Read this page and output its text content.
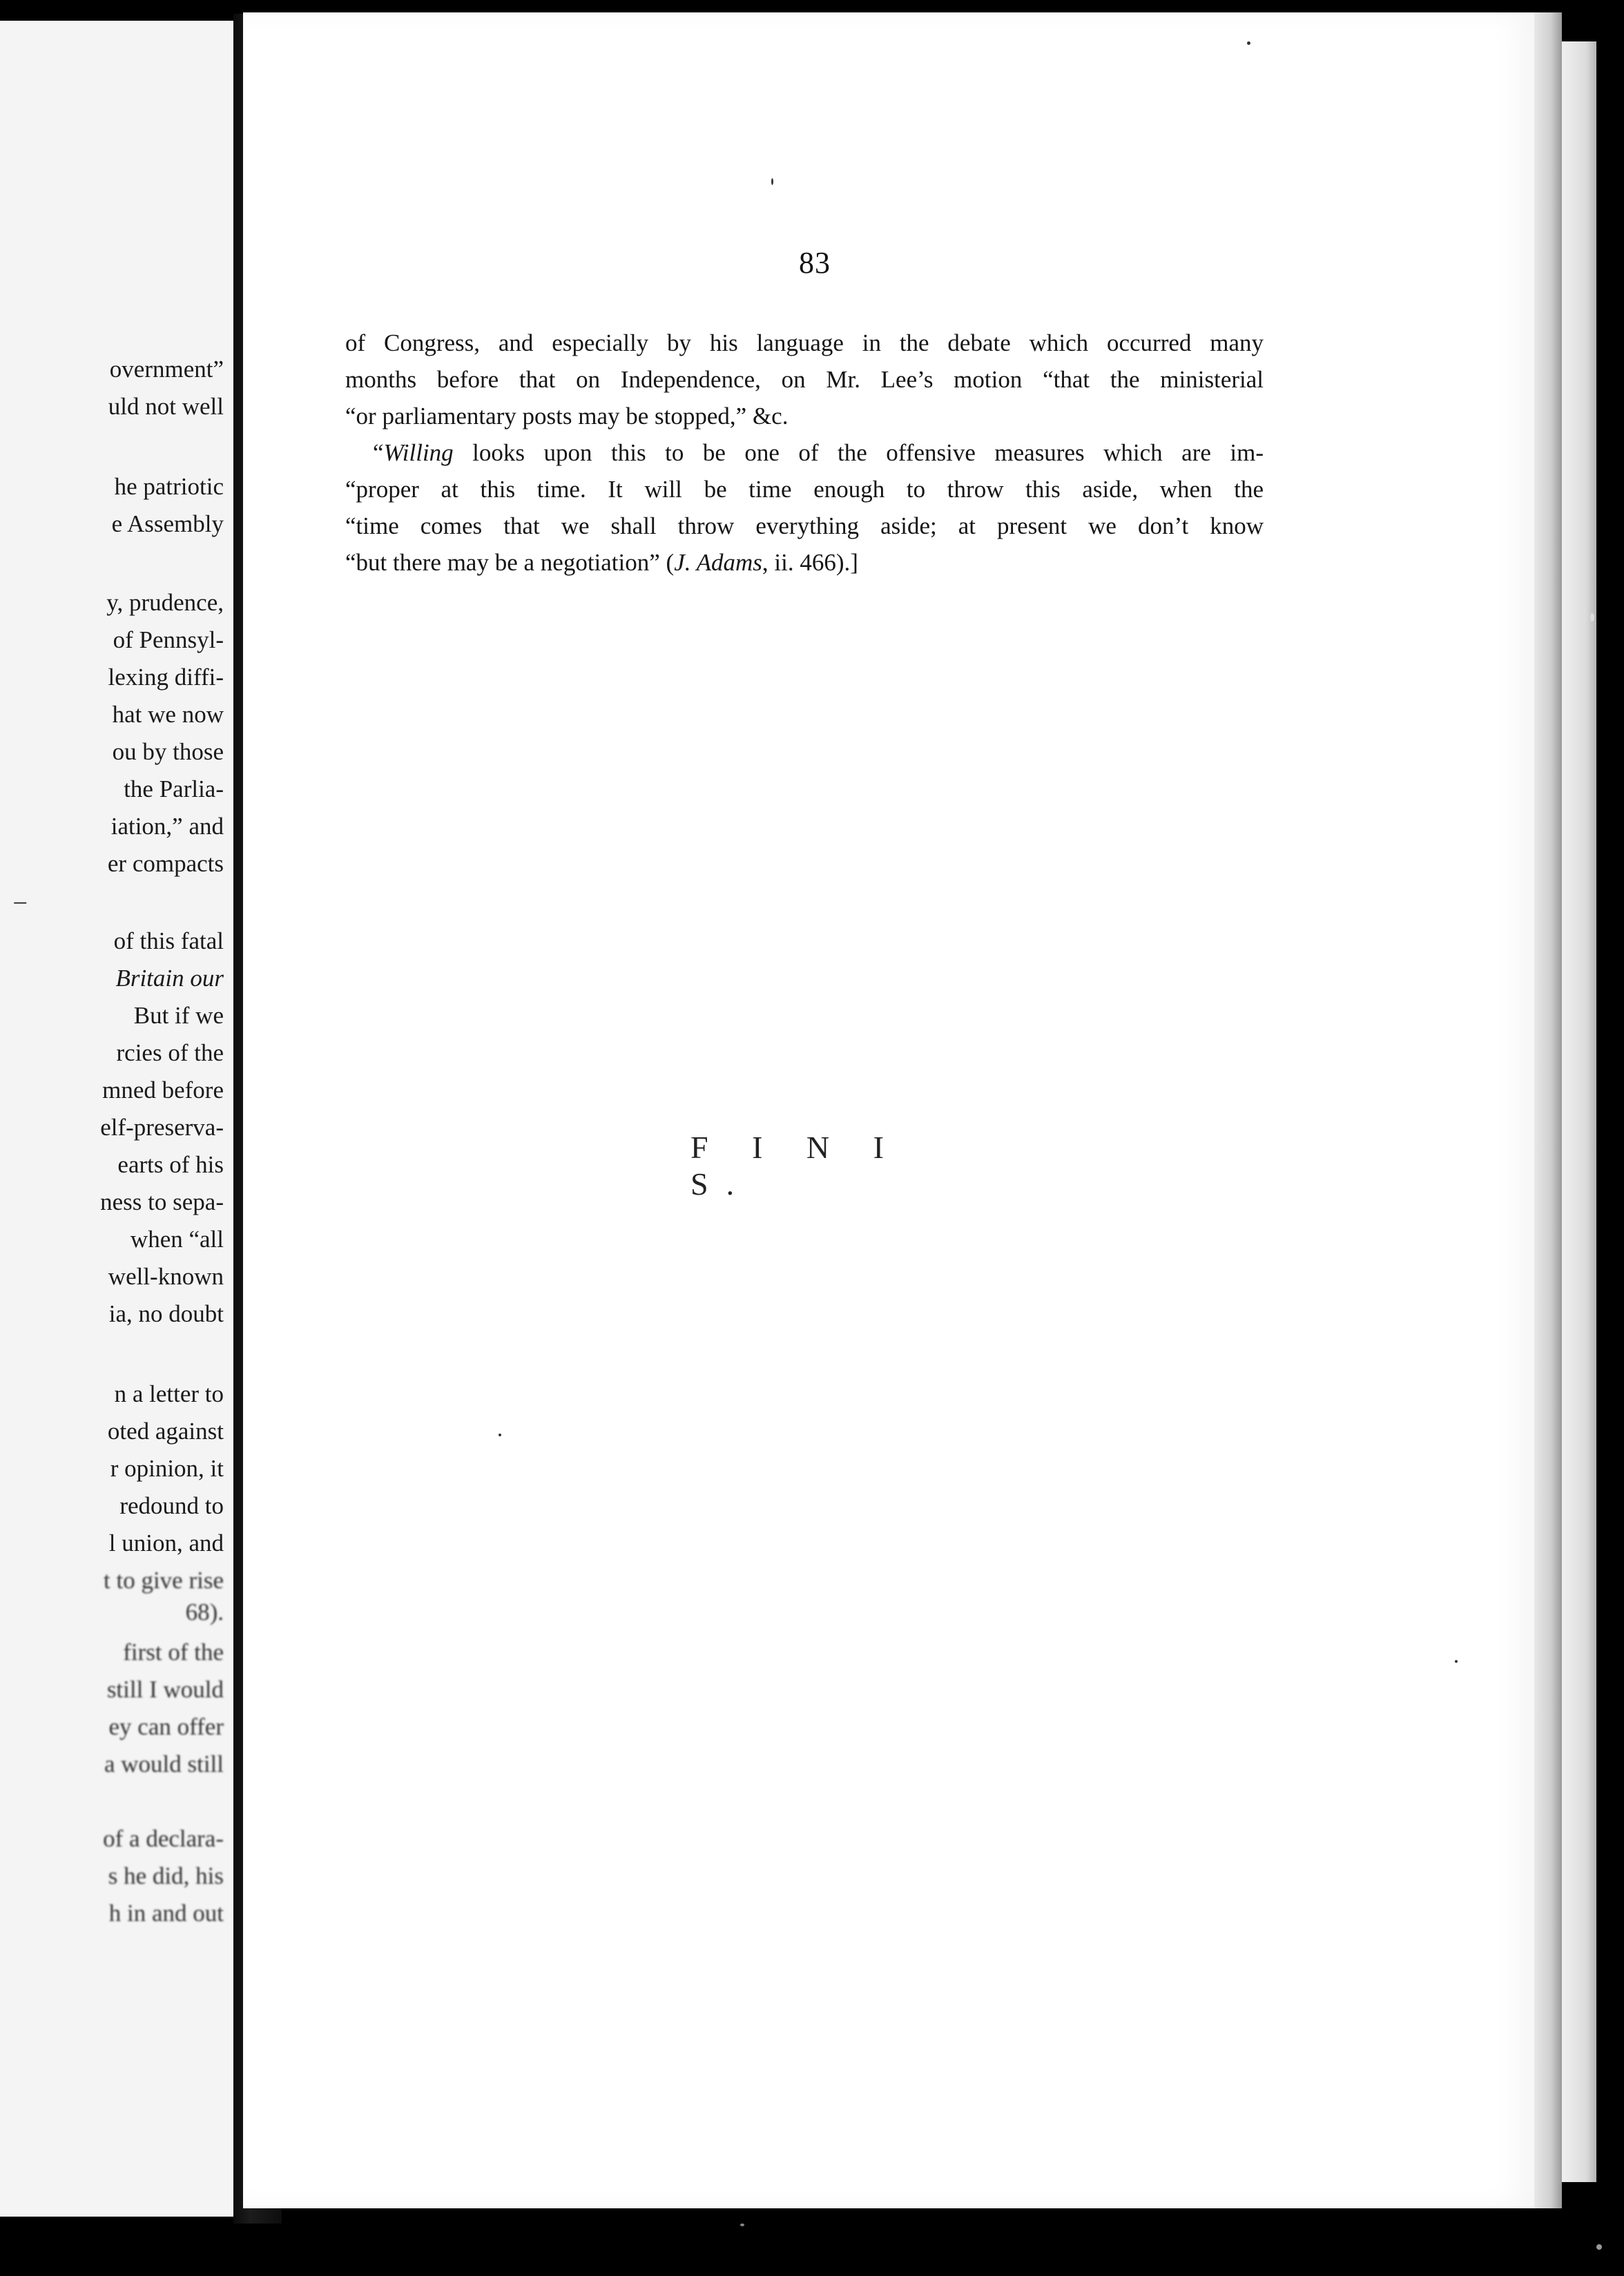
overnment”
uld not well
he patriotic
e Assembly
y, prudence,
of Pennsyl-
lexing diffi-
hat we now
ou by those
the Parlia-
iation,” and
er compacts
–
of this fatal
Britain our
But if we
rcies of the
mned before
elf-preserva-
earts of his
ness to sepa-
when “all
well-known
ia, no doubt
n a letter to
oted against
r opinion, it
redound to
l union, and
t to give rise
68).
first of the
still I would
ey can offer
a would still
of a declara-
s he did, his
h in and out
83
of Congress, and especially by his language in the debate which occurred many
months before that on Independence, on Mr. Lee’s motion “that the ministerial
“or parliamentary posts may be stopped,” &c.
“Willing looks upon this to be one of the offensive measures which are im-
“proper at this time. It will be time enough to throw this aside, when the
“time comes that we shall throw everything aside; at present we don’t know
“but there may be a negotiation” (J. Adams, ii. 466).]
F I N I S.
